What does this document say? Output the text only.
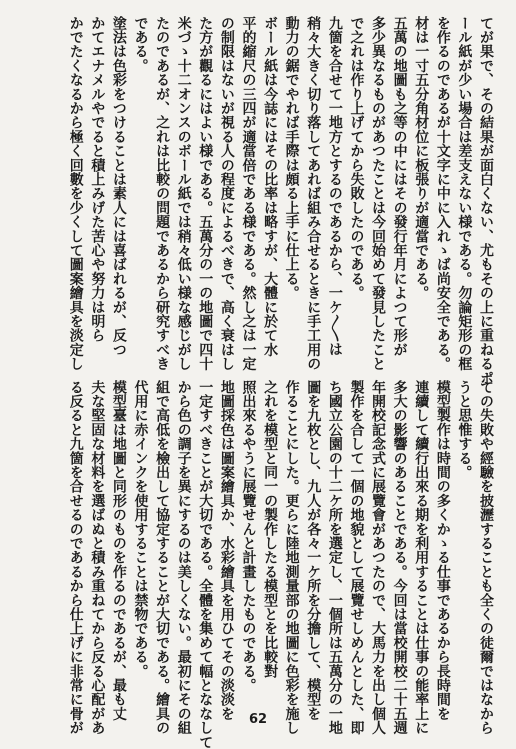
てが果で、その結果が面白くない、尤もその上に重ねるポ

ール紙が少い場合は差支えない様である。勿論矩形の框

を作るのであるが十文字に中に入れゝば尚安全である。

材は一寸五分角材位に板張りが適當である。

五萬の地圖も之等の中にはその發行年月によつて形が

多少異なるものがあつたことは今回始めて發見したこと

で之れは作り上げてから失敗したのである。

九箇を合せて一地方とするのであるから、一ケ〳〵は

稍々大きく切り落してあれば組み合せるときに手工用の

動力の鋸でやれば手際は頗る上手に仕上る。

ボール紙は今誌にはその比率は略すが、大體に於て水

平的縮尺の三四が適當倍である様である。然し之は一定

の制限はないが視る人の程度によるべきで、高く衰はし

た方が觀るにはよい様である。五萬分の一の地圖で四十

米づゝ十二オンスのボール紙では稍々低い様な感じがし

たのであるが、之れは比較の問題であるから研究すべき

である。

塗法は色彩をつけることは素人には喜ばれるが、反つ

かてエナメルやでると積上みげた苦心や努力は明ら

かでたくなるから極く回數を少くして圖案繪具を淡定し

ての失敗や經驗を披瀝することも全くの徒爾ではなから

うと思惟する。

模型製作は時間の多くかゝる仕事であるから長時間を

連續して續行出來る期を利用することは仕事の能率上に

多大の影響のあることである。今回は當校開校二十五週

年開校記念式に展覽會があつたので、大馬力を出し個人

製作を合して一個の地貌として展覽せしめんとした、即

ち國立公園の十二ケ所を選定し、一個所は五萬分の一地

圖を九枚とし、九人が各々一ケ所を分擔して、模型を

作ることにした。更らに陸地測量部の地圖に色彩を施し

之れを模型と同一の製作したる模型とを比較對

照出來るやうに展覽せんと計畫したものである。

地圖採色は圖案繪具か、水彩繪具を用ひてその淡淡を

一定すべきことが大切である。全體を集めて幅とななして

から色の調子を異にするのは美しくない。最初にその組

組で高低を檢出して協定することが大切である。繪具の

代用に赤インクを使用することは禁物である。

模型臺は地圖と同形のものを作るのであるが、最も丈

夫な堅固な材料を選ばぬと積み重ねてから反る心配があ

る反ると九箇を合せるのであるから仕上げに非常に骨が	62
